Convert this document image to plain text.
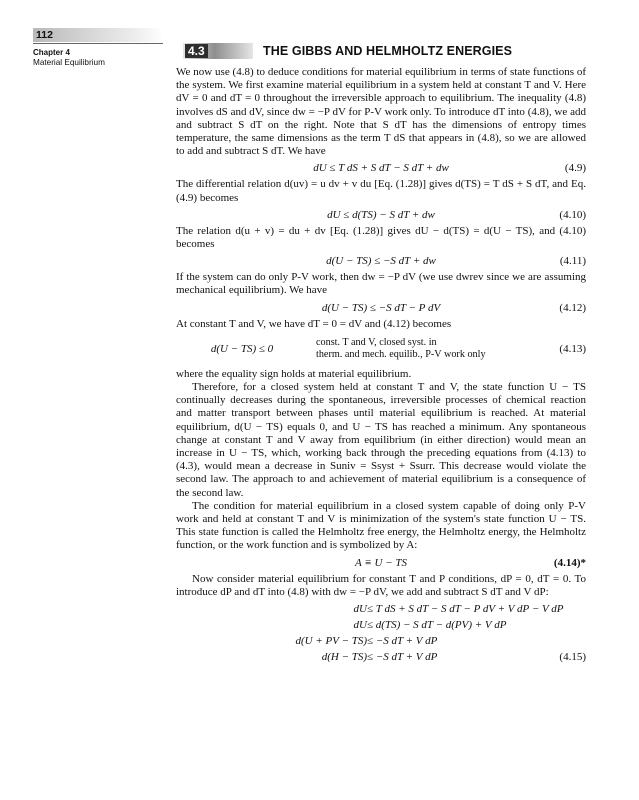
112
Chapter 4
Material Equilibrium
4.3	THE GIBBS AND HELMHOLTZ ENERGIES

We now use (4.8) to deduce conditions for material equilibrium in terms of state functions of the system. We first examine material equilibrium in a system held at constant T and V. Here dV = 0 and dT = 0 throughout the irreversible approach to equilibrium. The inequality (4.8) involves dS and dV, since dw = −P dV for P-V work only. To introduce dT into (4.8), we add and subtract S dT on the right. Note that S dT has the dimensions of entropy times temperature, the same dimensions as the term T dS that appears in (4.8), so we are allowed to add and subtract S dT. We have

dU ≤ T dS + S dT − S dT + dw	(4.9)

The differential relation d(uv) = u dv + v du [Eq. (1.28)] gives d(TS) = T dS + S dT, and Eq. (4.9) becomes

dU ≤ d(TS) − S dT + dw	(4.10)

The relation d(u + v) = du + dv [Eq. (1.28)] gives dU − d(TS) = d(U − TS), and (4.10) becomes

d(U − TS) ≤ −S dT + dw	(4.11)

If the system can do only P-V work, then dw = −P dV (we use dwrev since we are assuming mechanical equilibrium). We have

d(U − TS) ≤ −S dT − P dV	(4.12)

At constant T and V, we have dT = 0 = dV and (4.12) becomes

d(U − TS) ≤ 0
const. T and V, closed syst. in
therm. and mech. equilib., P-V work only
(4.13)

where the equality sign holds at material equilibrium.

Therefore, for a closed system held at constant T and V, the state function U − TS continually decreases during the spontaneous, irreversible processes of chemical reaction and matter transport between phases until material equilibrium is reached. At material equilibrium, d(U − TS) equals 0, and U − TS has reached a minimum. Any spontaneous change at constant T and V away from equilibrium (in either direction) would mean an increase in U − TS, which, working back through the preceding equations from (4.13) to (4.3), would mean a decrease in Suniv = Ssyst + Ssurr. This decrease would violate the second law. The approach to and achievement of material equilibrium is a consequence of the second law.

The condition for material equilibrium in a closed system capable of doing only P-V work and held at constant T and V is minimization of the system's state function U − TS. This state function is called the Helmholtz free energy, the Helmholtz energy, the Helmholtz function, or the work function and is symbolized by A:

A ≡ U − TS	(4.14)*

Now consider material equilibrium for constant T and P conditions, dP = 0, dT = 0. To introduce dP and dT into (4.8) with dw = −P dV, we add and subtract S dT and V dP:

dU ≤ T dS + S dT − S dT − P dV + V dP − V dP
dU ≤ d(TS) − S dT − d(PV) + V dP
d(U + PV − TS) ≤ −S dT + V dP
d(H − TS) ≤ −S dT + V dP	(4.15)
